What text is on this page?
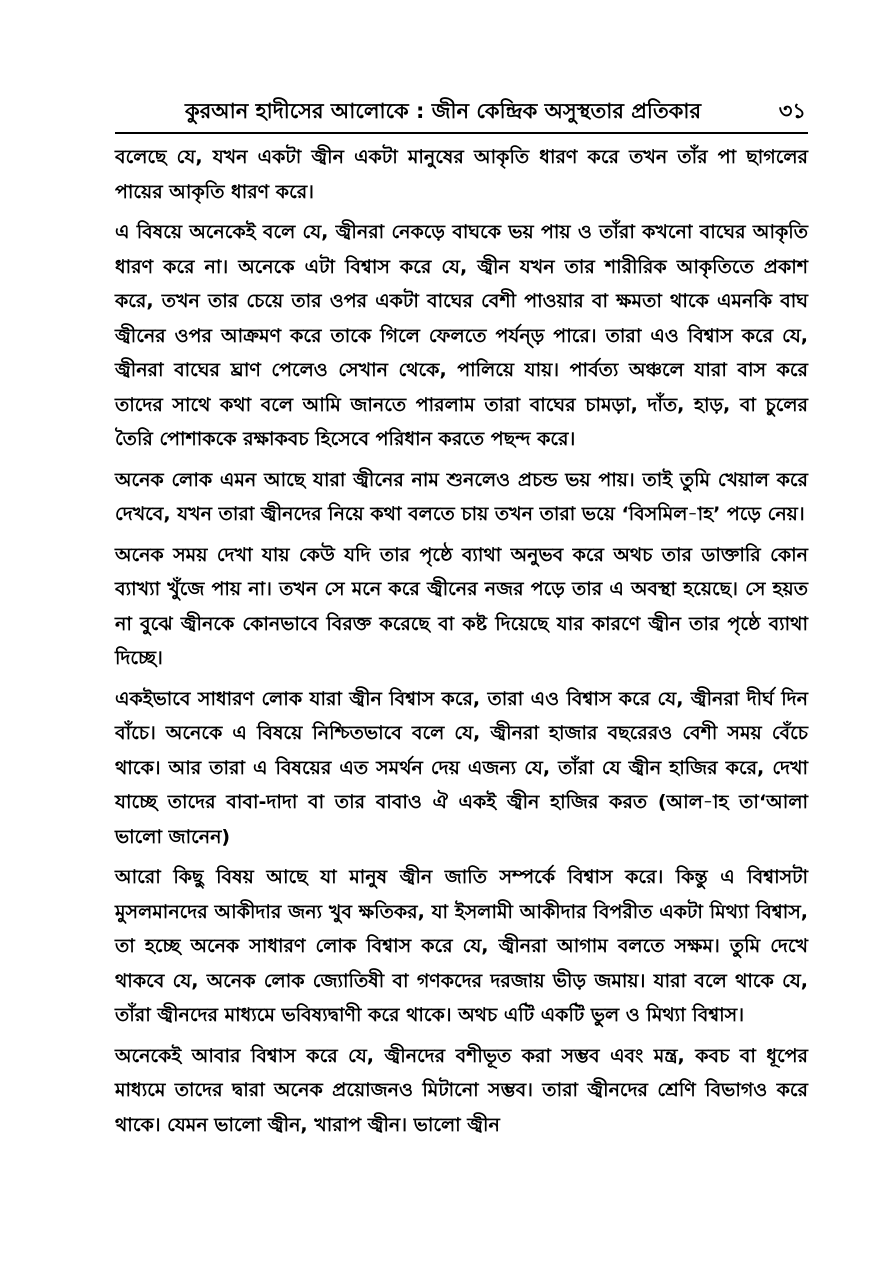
কুরআন হাদীসের আলোকে : জীন কেন্দ্রিক অসুস্থতার প্রতিকার	৩১

বলেছে যে, যখন একটা জ্বীন একটা মানুষের আকৃতি ধারণ করে তখন তাঁর পা ছাগলের পায়ের আকৃতি ধারণ করে।

এ বিষয়ে অনেকেই বলে যে, জ্বীনরা নেকড়ে বাঘকে ভয় পায় ও তাঁরা কখনো বাঘের আকৃতি ধারণ করে না। অনেকে এটা বিশ্বাস করে যে, জ্বীন যখন তার শারীরিক আকৃতিতে প্রকাশ করে, তখন তার চেয়ে তার ওপর একটা বাঘের বেশী পাওয়ার বা ক্ষমতা থাকে এমনকি বাঘ জ্বীনের ওপর আক্রমণ করে তাকে গিলে ফেলতে পর্যন্ড় পারে। তারা এও বিশ্বাস করে যে, জ্বীনরা বাঘের ঘ্রাণ পেলেও সেখান থেকে, পালিয়ে যায়। পার্বত্য অঞ্চলে যারা বাস করে তাদের সাথে কথা বলে আমি জানতে পারলাম তারা বাঘের চামড়া, দাঁত, হাড়, বা চুলের তৈরি পোশাককে রক্ষাকবচ হিসেবে পরিধান করতে পছন্দ করে।

অনেক লোক এমন আছে যারা জ্বীনের নাম শুনলেও প্রচন্ড ভয় পায়। তাই তুমি খেয়াল করে দেখবে, যখন তারা জ্বীনদের নিয়ে কথা বলতে চায় তখন তারা ভয়ে ‘বিসমিল-াহ’ পড়ে নেয়।

অনেক সময় দেখা যায় কেউ যদি তার পৃষ্ঠে ব্যাথা অনুভব করে অথচ তার ডাক্তারি কোন ব্যাখ্যা খুঁজে পায় না। তখন সে মনে করে জ্বীনের নজর পড়ে তার এ অবস্থা হয়েছে। সে হয়ত না বুঝে জ্বীনকে কোনভাবে বিরক্ত করেছে বা কষ্ট দিয়েছে যার কারণে জ্বীন তার পৃষ্ঠে ব্যাথা দিচ্ছে।

একইভাবে সাধারণ লোক যারা জ্বীন বিশ্বাস করে, তারা এও বিশ্বাস করে যে, জ্বীনরা দীর্ঘ দিন বাঁচে। অনেকে এ বিষয়ে নিশ্চিতভাবে বলে যে, জ্বীনরা হাজার বছরেরও বেশী সময় বেঁচে থাকে। আর তারা এ বিষয়ের এত সমর্থন দেয় এজন্য যে, তাঁরা যে জ্বীন হাজির করে, দেখা যাচ্ছে তাদের বাবা-দাদা বা তার বাবাও ঐ একই জ্বীন হাজির করত (আল-াহ তা‘আলা ভালো জানেন)

আরো কিছু বিষয় আছে যা মানুষ জ্বীন জাতি সম্পর্কে বিশ্বাস করে। কিন্তু এ বিশ্বাসটা মুসলমানদের আকীদার জন্য খুব ক্ষতিকর, যা ইসলামী আকীদার বিপরীত একটা মিথ্যা বিশ্বাস, তা হচ্ছে অনেক সাধারণ লোক বিশ্বাস করে যে, জ্বীনরা আগাম বলতে সক্ষম। তুমি দেখে থাকবে যে, অনেক লোক জ্যোতিষী বা গণকদের দরজায় ভীড় জমায়। যারা বলে থাকে যে, তাঁরা জ্বীনদের মাধ্যমে ভবিষ্যদ্বাণী করে থাকে। অথচ এটি একটি ভুল ও মিথ্যা বিশ্বাস।

অনেকেই আবার বিশ্বাস করে যে, জ্বীনদের বশীভূত করা সম্ভব এবং মন্ত্র, কবচ বা ধূপের মাধ্যমে তাদের দ্বারা অনেক প্রয়োজনও মিটানো সম্ভব। তারা জ্বীনদের শ্রেণি বিভাগও করে থাকে। যেমন ভালো জ্বীন, খারাপ জ্বীন। ভালো জ্বীন
